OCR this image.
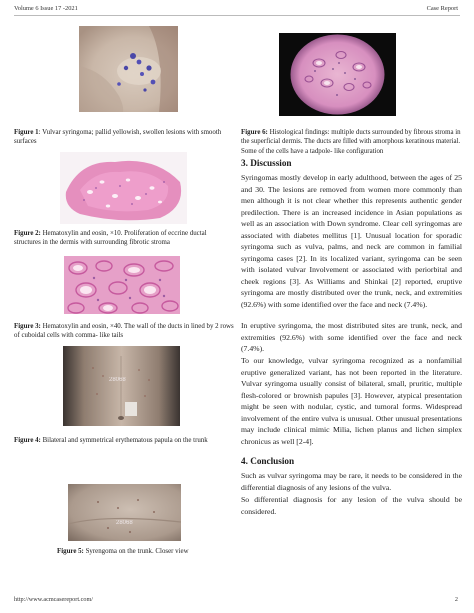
Volume 6 Issue 17 -2021	Case Report
Figure 1: Vulvar syringoma; pallid yellowish, swollen lesions with smooth surfaces
Figure 2: Hematoxylin and eosin, ×10. Proliferation of eccrine ductal structures in the dermis with surrounding fibrotic stroma
Figure 3: Hematoxylin and eosin, ×40. The wall of the ducts in lined by 2 rows of cuboidal cells with comma- like tails
28068
Figure 4: Bilateral and symmetrical erythematous papula on the trunk
28068
Figure 5: Syrengoma on the trunk. Closer view
Figure 6: Histological findings: multiple ducts surrounded by fibrous stroma in the superficial dermis. The ducts are filled with amorphous keratinous material. Some of the cells have a tadpole- like configuration
3. Discussion

Syringomas mostly develop in early adulthood, between the ages of 25 and 30. The lesions are removed from women more commonly than men although it is not clear whether this represents authentic gender predilection. There is an increased incidence in Asian populations as well as an association with Down syndrome. Clear cell syringomas are associated with diabetes mellitus [1]. Unusual location for sporadic syringoma such as vulva, palms, and neck are common in familial syringoma cases [2]. In its localized variant, syringoma can be seen with isolated vulvar Involvement or associated with periorbital and cheek regions [3]. As Williams and Shinkai [2] reported, eruptive syringoma are mostly distributed over the trunk, neck, and extremities (92.6%) with some identified over the face and neck (7.4%).

In eruptive syringoma, the most distributed sites are trunk, neck, and extremities (92.6%) with some identified over the face and neck (7.4%).

To our knowledge, vulvar syringoma recognized as a nonfamilial eruptive generalized variant, has not been reported in the literature. Vulvar syringoma usually consist of bilateral, small, pruritic, multiple flesh-colored or brownish papules [3]. However, atypical presentation might be seen with nodular, cystic, and tumoral forms. Widespread involvement of the entire vulva is unusual. Other unusual presentations may include clinical mimic Milia, lichen planus and lichen simplex chronicus as well [2-4].

4. Conclusion

Such as vulvar syringoma may be rare, it needs to be considered in the differential diagnosis of any lesions of the vulva.

So differential diagnosis for any lesion of the vulva should be considered.

http://www.acmcasereport.com/	2
